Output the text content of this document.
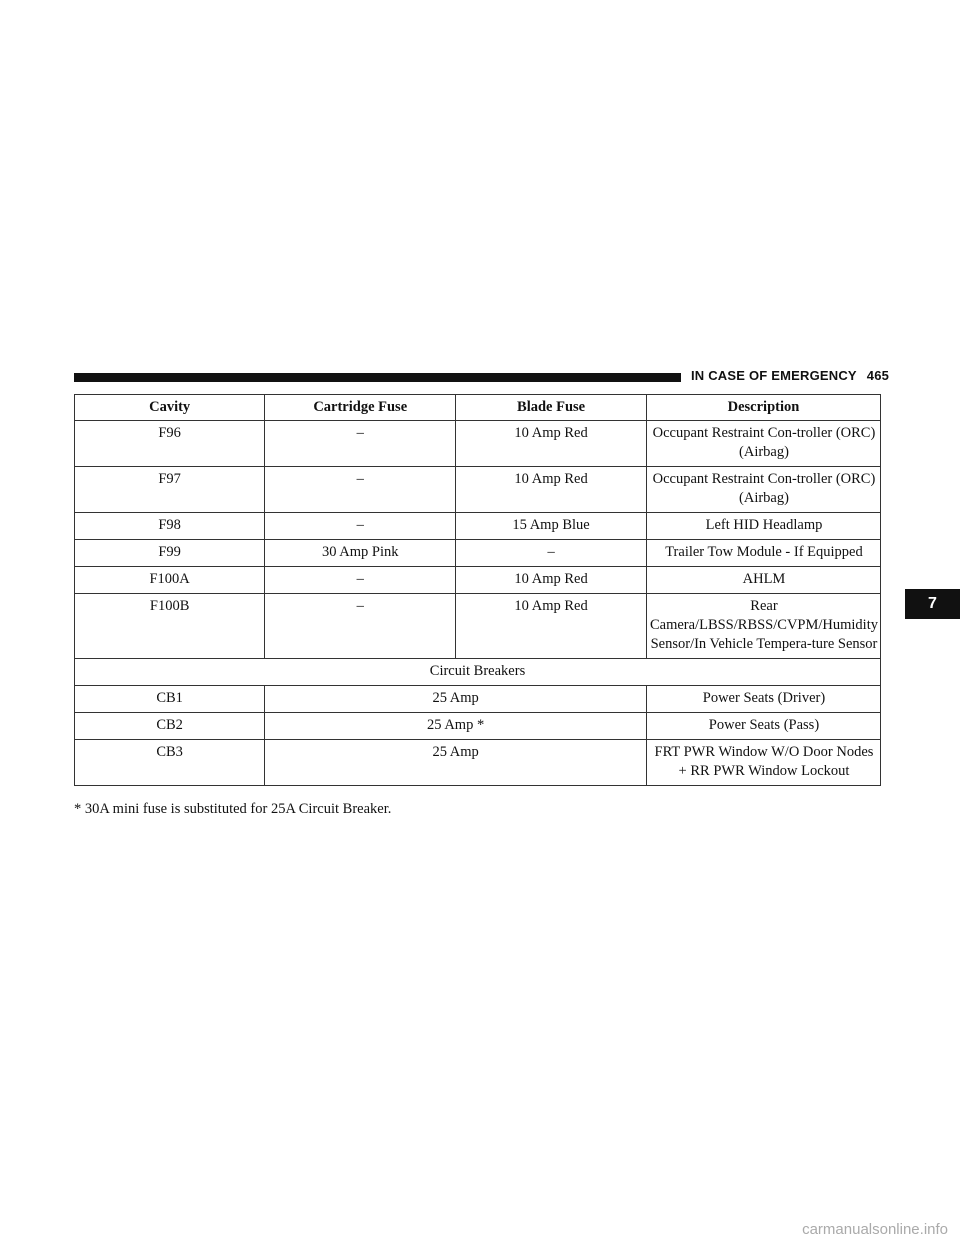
IN CASE OF EMERGENCY 465
7
Cavity	Cartridge Fuse	Blade Fuse	Description
F96	–	10 Amp Red	Occupant Restraint Con-troller (ORC) (Airbag)
F97	–	10 Amp Red	Occupant Restraint Con-troller (ORC) (Airbag)
F98	–	15 Amp Blue	Left HID Headlamp
F99	30 Amp Pink	–	Trailer Tow Module - If Equipped
F100A	–	10 Amp Red	AHLM
F100B	–	10 Amp Red	Rear Camera/LBSS/RBSS/CVPM/Humidity Sensor/In Vehicle Tempera-ture Sensor
Circuit Breakers			
CB1	25 Amp		Power Seats (Driver)
CB2	25 Amp *		Power Seats (Pass)
CB3	25 Amp		FRT PWR Window W/O Door Nodes + RR PWR Window Lockout
* 30A mini fuse is substituted for 25A Circuit Breaker.
carmanualsonline.info
